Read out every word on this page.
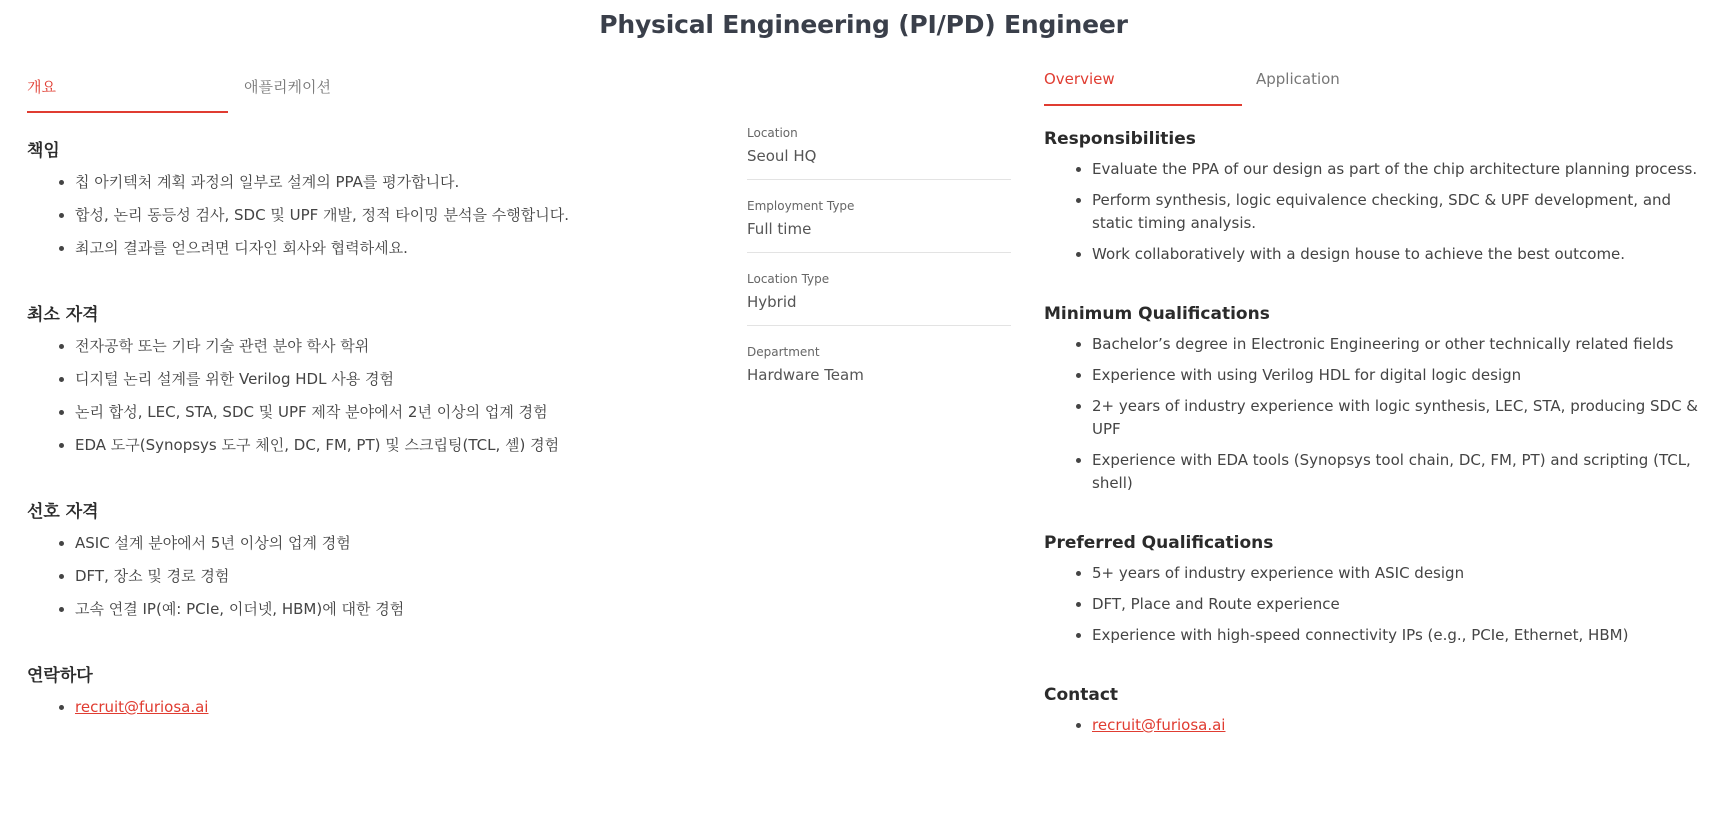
Physical Engineering (PI/PD) Engineer
개요	애플리케이션
책임
• 칩 아키텍처 계획 과정의 일부로 설계의 PPA를 평가합니다.
• 합성, 논리 동등성 검사, SDC 및 UPF 개발, 정적 타이밍 분석을 수행합니다.
• 최고의 결과를 얻으려면 디자인 회사와 협력하세요.
최소 자격
• 전자공학 또는 기타 기술 관련 분야 학사 학위
• 디지털 논리 설계를 위한 Verilog HDL 사용 경험
• 논리 합성, LEC, STA, SDC 및 UPF 제작 분야에서 2년 이상의 업계 경험
• EDA 도구(Synopsys 도구 체인, DC, FM, PT) 및 스크립팅(TCL, 셸) 경험
선호 자격
• ASIC 설계 분야에서 5년 이상의 업계 경험
• DFT, 장소 및 경로 경험
• 고속 연결 IP(예: PCIe, 이더넷, HBM)에 대한 경험
연락하다
• recruit@furiosa.ai
Location
Seoul HQ
Employment Type
Full time
Location Type
Hybrid
Department
Hardware Team
Overview	Application
Responsibilities
• Evaluate the PPA of our design as part of the chip architecture planning process.
• Perform synthesis, logic equivalence checking, SDC & UPF development, and static timing analysis.
• Work collaboratively with a design house to achieve the best outcome.
Minimum Qualifications
• Bachelor’s degree in Electronic Engineering or other technically related fields
• Experience with using Verilog HDL for digital logic design
• 2+ years of industry experience with logic synthesis, LEC, STA, producing SDC & UPF
• Experience with EDA tools (Synopsys tool chain, DC, FM, PT) and scripting (TCL, shell)
Preferred Qualifications
• 5+ years of industry experience with ASIC design
• DFT, Place and Route experience
• Experience with high-speed connectivity IPs (e.g., PCIe, Ethernet, HBM)
Contact
• recruit@furiosa.ai
